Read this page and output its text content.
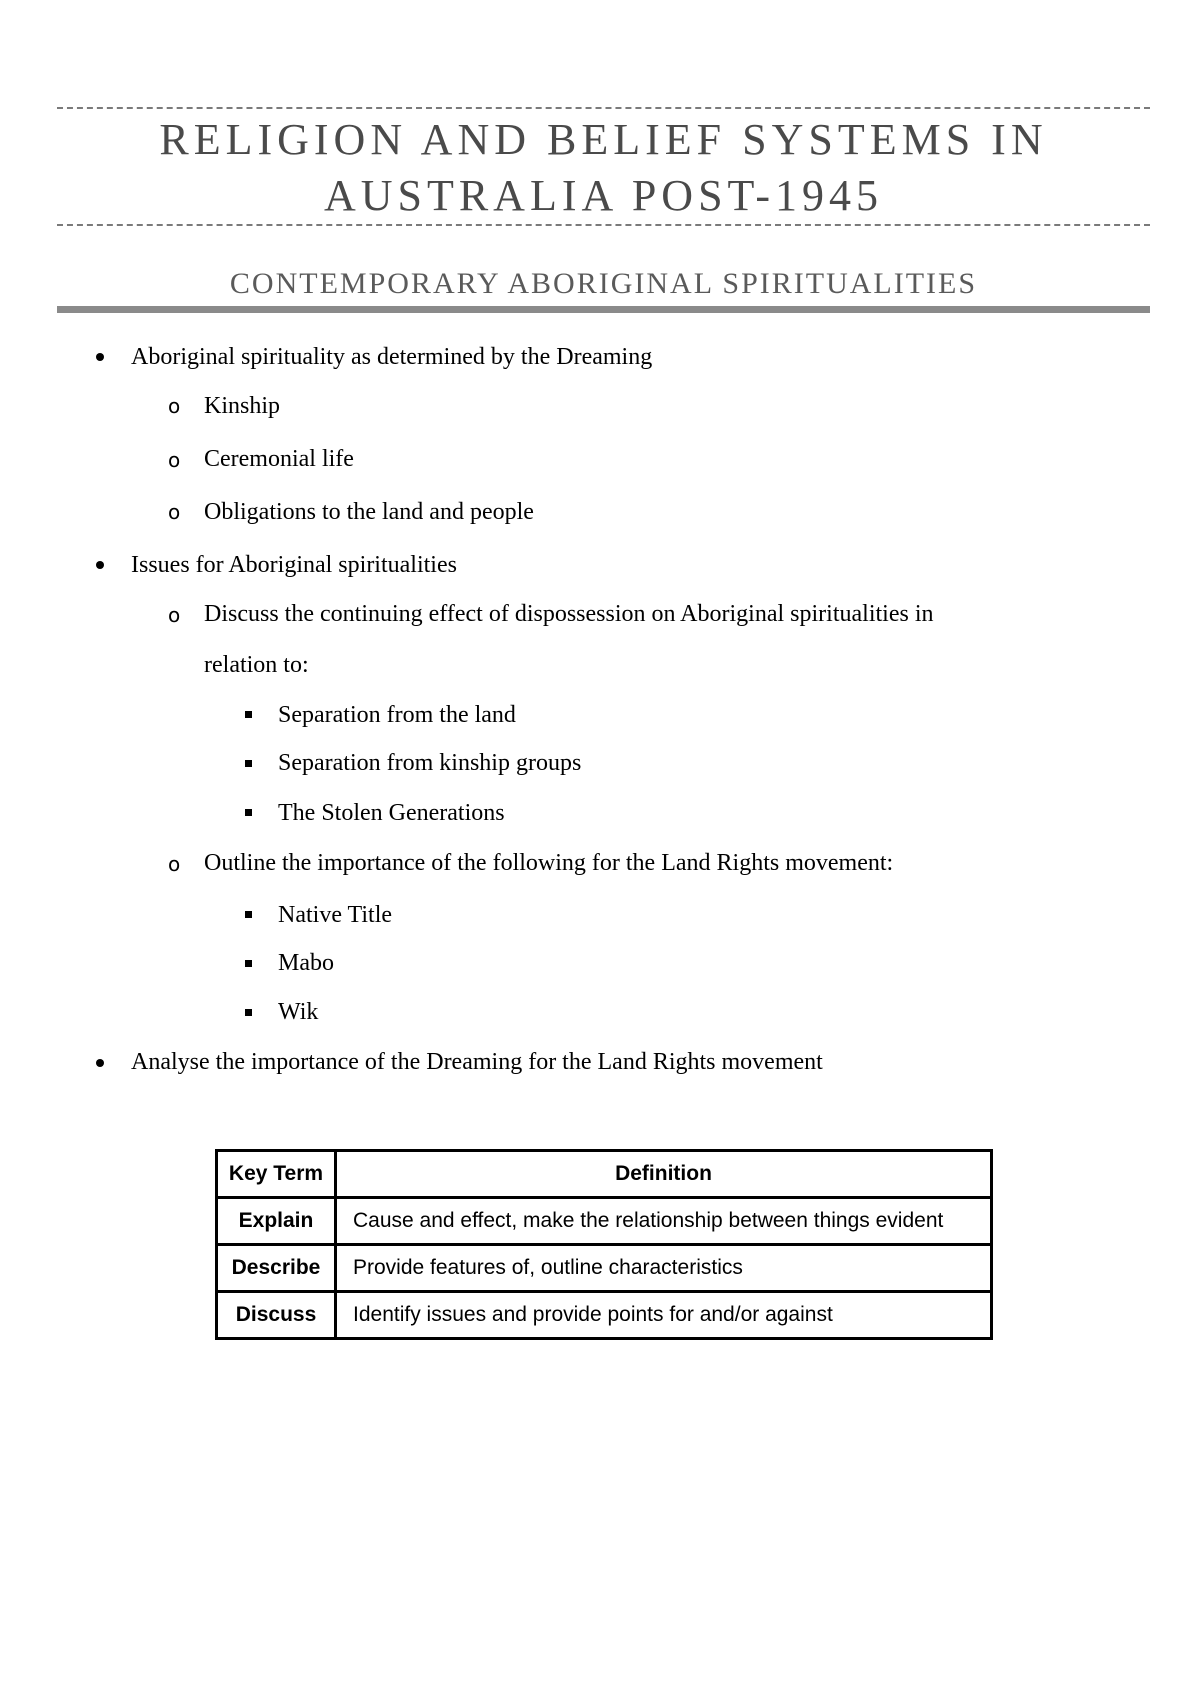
RELIGION AND BELIEF SYSTEMS IN
AUSTRALIA POST-1945
CONTEMPORARY ABORIGINAL SPIRITUALITIES
Aboriginal spirituality as determined by the Dreaming
o Kinship
o Ceremonial life
o Obligations to the land and people
Issues for Aboriginal spiritualities
o Discuss the continuing effect of dispossession on Aboriginal spiritualities in
relation to:
Separation from the land
Separation from kinship groups
The Stolen Generations
o Outline the importance of the following for the Land Rights movement:
Native Title
Mabo
Wik
Analyse the importance of the Dreaming for the Land Rights movement
Key Term	Definition
Explain	Cause and effect, make the relationship between things evident
Describe	Provide features of, outline characteristics
Discuss	Identify issues and provide points for and/or against
